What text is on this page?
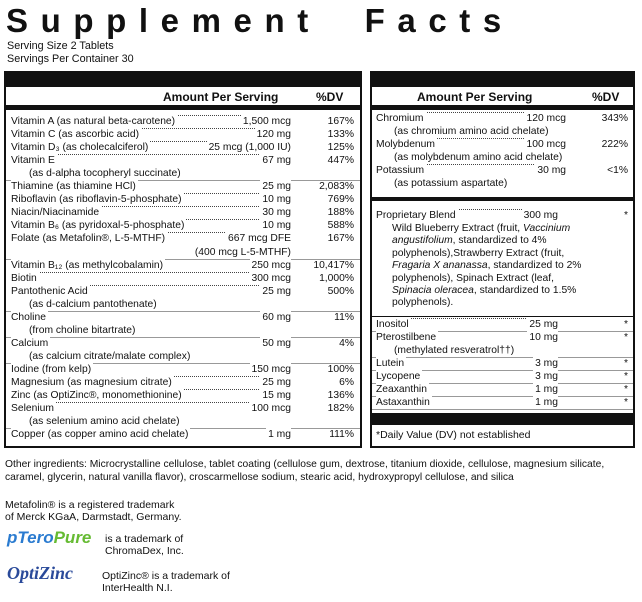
Supplement Facts
Serving Size 2 Tablets
Servings Per Container 30
Amount Per Serving	%DV
Vitamin A (as natural beta-carotene)	1,500 mcg	167%
Vitamin C (as ascorbic acid)	120 mg	133%
Vitamin D₃ (as cholecalciferol)	25 mcg (1,000 IU)	125%
Vitamin E	67 mg	447%
(as d-alpha tocopheryl succinate)
Thiamine (as thiamine HCl)	25 mg	2,083%
Riboflavin (as riboflavin-5-phosphate)	10 mg	769%
Niacin/Niacinamide	30 mg	188%
Vitamin B₆ (as pyridoxal-5-phosphate)	10 mg	588%
Folate (as Metafolin®, L-5-MTHF)	667 mcg DFE	167%
(400 mcg L-5-MTHF)
Vitamin B₁₂ (as methylcobalamin)	250 mcg 10,417%
Biotin	300 mcg	1,000%
Pantothenic Acid	25 mg	500%
(as d-calcium pantothenate)
Choline	60 mg	11%
(from choline bitartrate)
Calcium	50 mg	4%
(as calcium citrate/malate complex)
Iodine (from kelp)	150 mcg	100%
Magnesium (as magnesium citrate)	25 mg	6%
Zinc (as OptiZinc®, monomethionine)	15 mg	136%
Selenium	100 mcg	182%
(as selenium amino acid chelate)
Copper (as copper amino acid chelate)	1 mg	111%
Amount Per Serving	%DV
Chromium	120 mcg	343%
(as chromium amino acid chelate)
Molybdenum	100 mcg	222%
(as molybdenum amino acid chelate)
Potassium	30 mg	<1%
(as potassium aspartate)
Proprietary Blend	300 mg	*
Wild Blueberry Extract (fruit, Vaccinium
angustifolium, standardized to 4%
polyphenols),Strawberry Extract (fruit,
Fragaria X ananassa, standardized to 2%
polyphenols), Spinach Extract (leaf,
Spinacia oleracea, standardized to 1.5%
polyphenols).
Inositol	25 mg	*
Pterostilbene	10 mg	*
(methylated resveratrol††)
Lutein	3 mg	*
Lycopene	3 mg	*
Zeaxanthin	1 mg	*
Astaxanthin	1 mg	*
*Daily Value (DV) not established
Other ingredients: Microcrystalline cellulose, tablet coating (cellulose gum, dextrose, titanium dioxide, cellulose, magnesium silicate, caramel, glycerin, natural vanilla flavor), croscarmellose sodium, stearic acid, hydroxypropyl cellulose, and silica
Metafolin® is a registered trademark
of Merck KGaA, Darmstadt, Germany.
pTeroPure is a trademark of
ChromaDex, Inc.
OptiZinc	OptiZinc® is a trademark of
InterHealth N.I.
